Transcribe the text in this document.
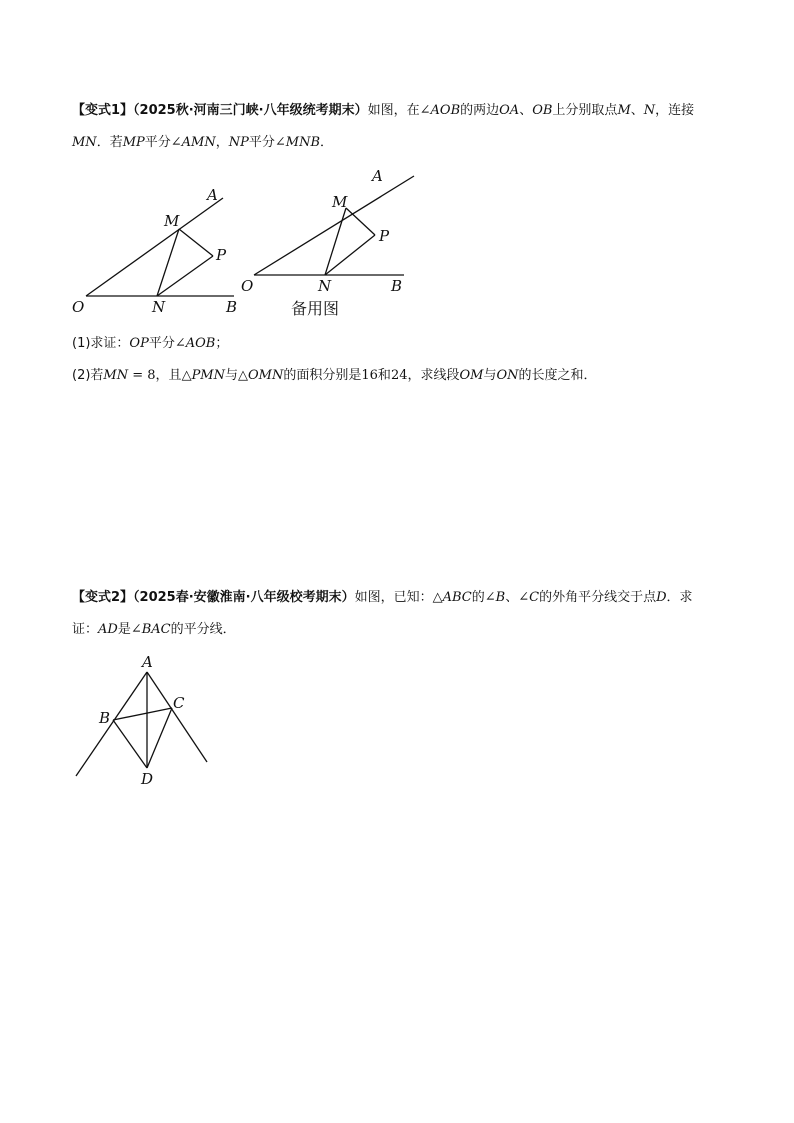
【变式1】（2025秋·河南三门峡·八年级统考期末）如图，在∠AOB的两边OA、OB上分别取点M、N，连接
MN．若MP平分∠AMN，NP平分∠MNB．
A
M
P
O	N	B
A
M
P
O	N	B
备用图
(1)求证：OP平分∠AOB；
(2)若MN = 8，且△PMN与△OMN的面积分别是16和24，求线段OM与ON的长度之和．
【变式2】（2025春·安徽淮南·八年级校考期末）如图，已知：△ABC的∠B、∠C的外角平分线交于点D．求
证：AD是∠BAC的平分线．
A
B
C
D
